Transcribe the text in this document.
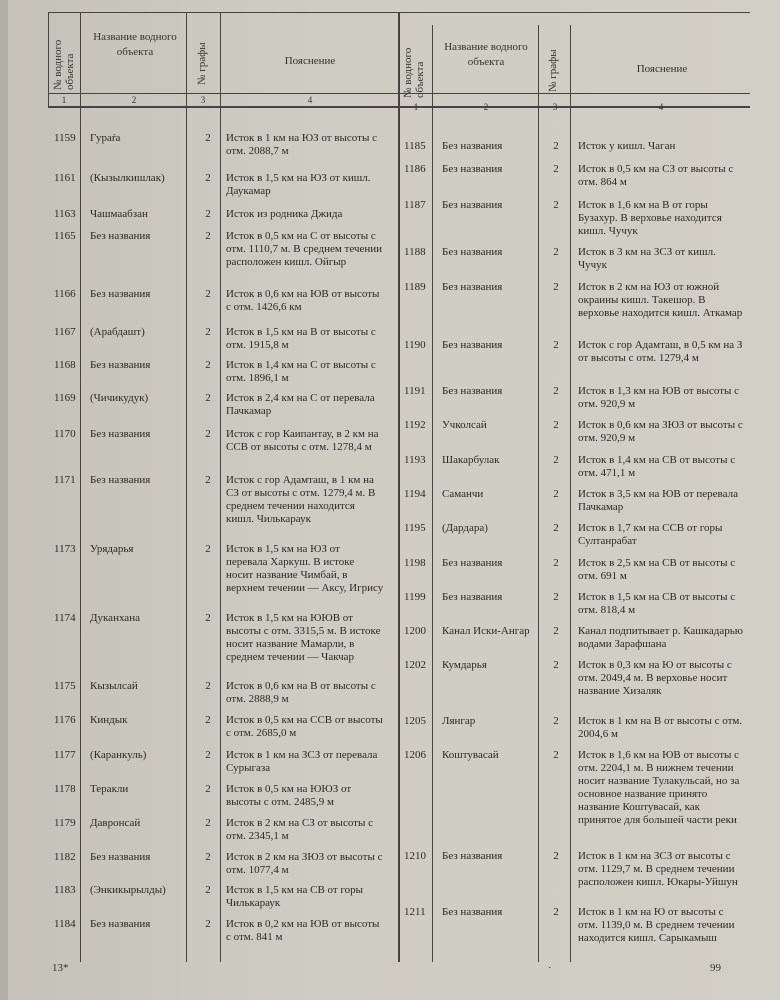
№ водного объекта
Название водного объекта	№ графы	Пояснение	№ водного объекта
Название водного объекта	№ графы	Пояснение
1	2	3	4
1	2	3	4
1159	Гураŕа	2	Исток в 1 км на ЮЗ от высоты с отм. 2088,7 м
1161	(Кызылкишлак)	2	Исток в 1,5 км на ЮЗ от кишл. Даукамар
1163	Чашмаабзан	2	Исток из родника Джида
1165	Без названия	2	Исток в 0,5 км на С от высоты с отм. 1110,7 м. В среднем течении расположен кишл. Ойгыр
1166	Без названия	2	Исток в 0,6 км на ЮВ от высоты с отм. 1426,6 км
1167	(Арабдашт)	2	Исток в 1,5 км на В от высоты с отм. 1915,8 м
1168	Без названия	2	Исток в 1,4 км на С от высоты с отм. 1896,1 м
1169	(Чичикудук)	2	Исток в 2,4 км на С от перевала Пачкамар
1170	Без названия	2	Исток с гор Каипантау, в 2 км на ССВ от высоты с отм. 1278,4 м
1171	Без названия	2	Исток с гор Адамташ, в 1 км на СЗ от высоты с отм. 1279,4 м. В среднем течении находится кишл. Чилькараук
1173	Урядарья	2	Исток в 1,5 км на ЮЗ от перевала Харкуш. В истоке носит название Чимбай, в верхнем течении — Аксу, Игрису
1174	Дуканхана	2	Исток в 1,5 км на ЮЮВ от высоты с отм. 3315,5 м. В истоке носит название Мамарли, в среднем течении — Чакчар
1175	Кызылсай	2	Исток в 0,6 км на В от высоты с отм. 2888,9 м
1176	Киндык	2	Исток в 0,5 км на ССВ от высоты с отм. 2685,0 м
1177	(Каранкуль)	2	Исток в 1 км на ЗСЗ от перевала Сурыгаза
1178	Теракли	2	Исток в 0,5 км на ЮЮЗ от высоты с отм. 2485,9 м
1179	Давронсай	2	Исток в 2 км на СЗ от высоты с отм. 2345,1 м
1182	Без названия	2	Исток в 2 км на ЗЮЗ от высоты с отм. 1077,4 м
1183	(Энкикырылды)	2	Исток в 1,5 км на СВ от горы Чилькараук
1184	Без названия	2	Исток в 0,2 км на ЮВ от высоты с отм. 841 м
1185	Без названия	2	Исток у кишл. Чаган
1186	Без названия	2	Исток в 0,5 км на СЗ от высоты с отм. 864 м
1187	Без названия	2	Исток в 1,6 км на В от горы Бузахур. В верховье находится кишл. Чучук
1188	Без названия	2	Исток в 3 км на ЗСЗ от кишл. Чучук
1189	Без названия	2	Исток в 2 км на ЮЗ от южной окраины кишл. Такешор. В верховье находится кишл. Аткамар
1190	Без названия	2	Исток с гор Адамташ, в 0,5 км на З от высоты с отм. 1279,4 м
1191	Без названия	2	Исток в 1,3 км на ЮВ от высоты с отм. 920,9 м
1192	Учколсай	2	Исток в 0,6 км на ЗЮЗ от высоты с отм. 920,9 м
1193	Шакарбулак	2	Исток в 1,4 км на СВ от высоты с отм. 471,1 м
1194	Саманчи	2	Исток в 3,5 км на ЮВ от перевала Пачкамар
1195	(Дардара)	2	Исток в 1,7 км на ССВ от горы Султанрабат
1198	Без названия	2	Исток в 2,5 км на СВ от высоты с отм. 691 м
1199	Без названия	2	Исток в 1,5 км на СВ от высоты с отм. 818,4 м
1200	Канал Иски-Ангар	2	Канал подпитывает р. Кашкадарью водами Зарафшана
1202	Кумдарья	2	Исток в 0,3 км на Ю от высоты с отм. 2049,4 м. В верховье носит название Хизаляк
1205	Лянгар	2	Исток в 1 км на В от высоты с отм. 2004,6 м
1206	Коштувасай	2	Исток в 1,6 км на ЮВ от высоты с отм. 2204,1 м. В нижнем течении носит название Тулакульсай, но за основное название принято название Коштувасай, как принятое для большей части реки
1210	Без названия	2	Исток в 1 км на ЗСЗ от высоты с отм. 1129,7 м. В среднем течении расположен кишл. Юкары-Уйшун
1211	Без названия	2	Исток в 1 км на Ю от высоты с отм. 1139,0 м. В среднем течении находится кишл. Сарыкамыш
13*	·	99
